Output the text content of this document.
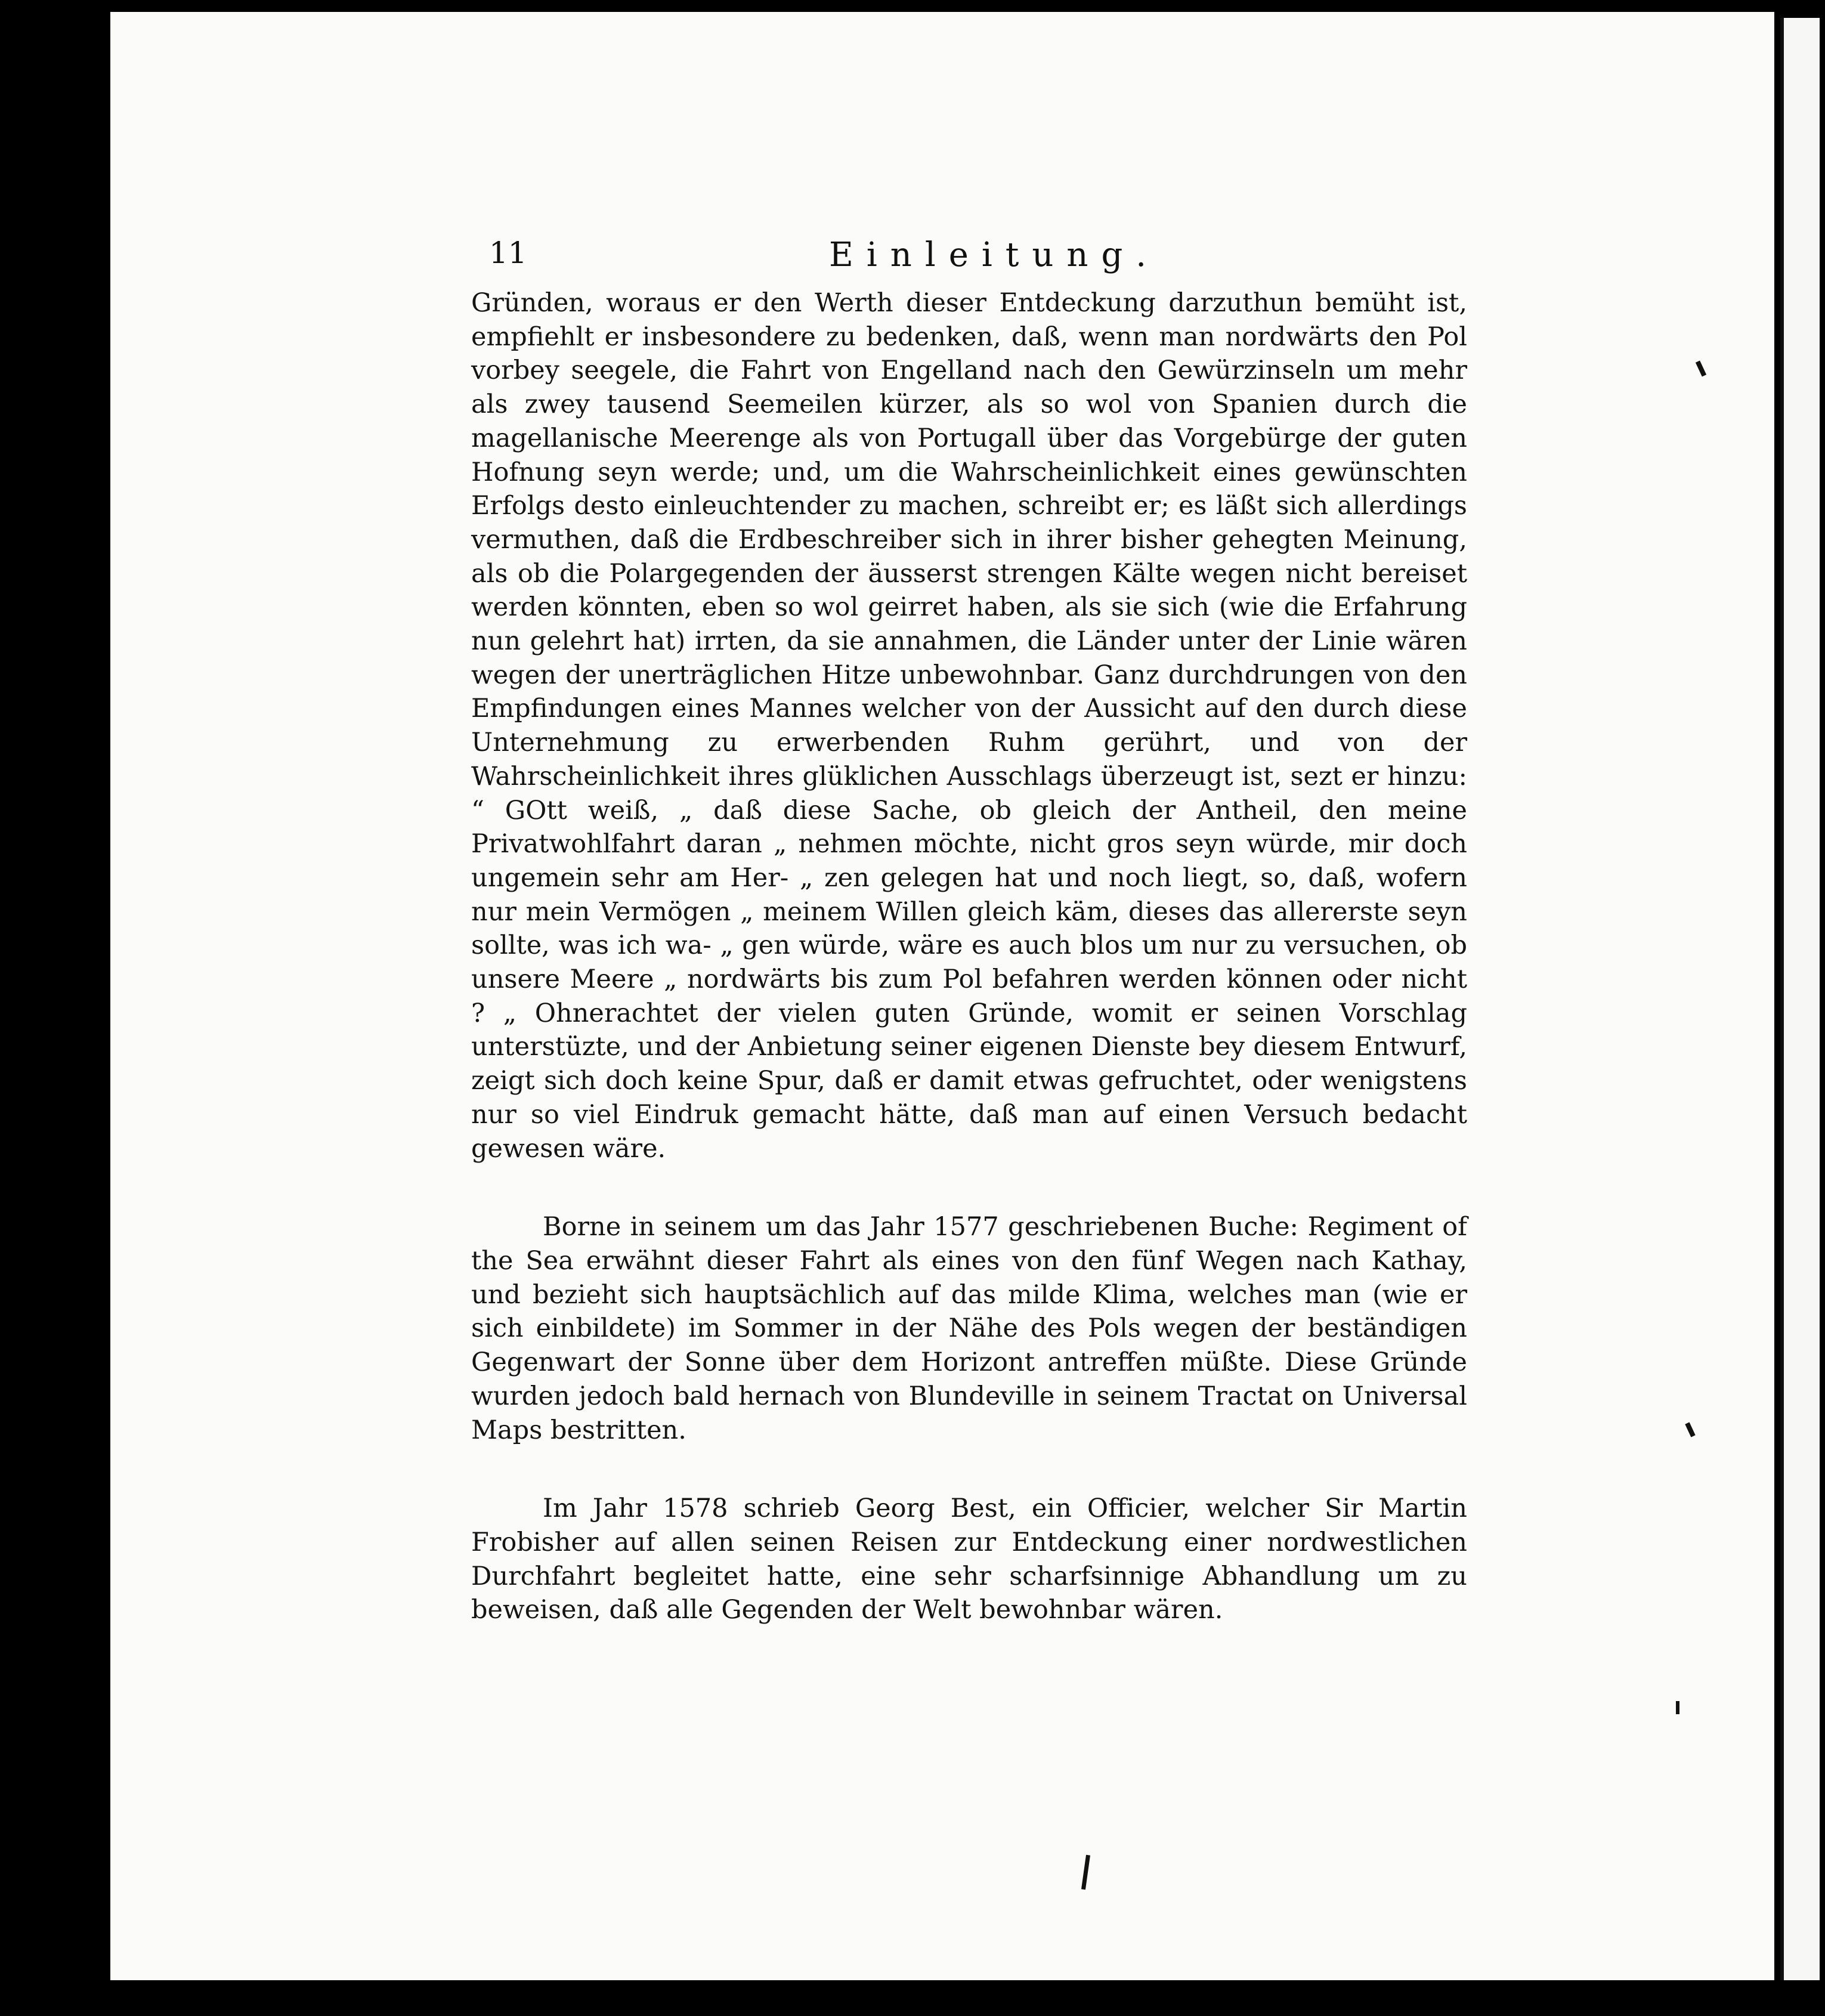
11	Einleitung.

Gründen, woraus er den Werth dieser Entdeckung darzuthun bemüht ist, empfiehlt er insbesondere zu bedenken, daß, wenn man nordwärts den Pol vorbey seegele, die Fahrt von Engelland nach den Gewürzinseln um mehr als zwey tausend Seemeilen kürzer, als so wol von Spanien durch die magellanische Meerenge als von Portugall über das Vorgebürge der guten Hofnung seyn werde; und, um die Wahrscheinlichkeit eines gewünschten Erfolgs desto einleuchtender zu machen, schreibt er; es läßt sich allerdings vermuthen, daß die Erdbeschreiber sich in ihrer bisher gehegten Meinung, als ob die Polargegenden der äusserst strengen Kälte wegen nicht bereiset werden könnten, eben so wol geirret haben, als sie sich (wie die Erfahrung nun gelehrt hat) irrten, da sie annahmen, die Länder unter der Linie wären wegen der unerträglichen Hitze unbewohnbar. Ganz durchdrungen von den Empfindungen eines Mannes welcher von der Aussicht auf den durch diese Unternehmung zu erwerbenden Ruhm gerührt, und von der Wahrscheinlichkeit ihres glüklichen Ausschlags überzeugt ist, sezt er hinzu: “ GOtt weiß, „ daß diese Sache, ob gleich der Antheil, den meine Privatwohlfahrt daran „ nehmen möchte, nicht gros seyn würde, mir doch ungemein sehr am Her- „ zen gelegen hat und noch liegt, so, daß, wofern nur mein Vermögen „ meinem Willen gleich käm, dieses das allererste seyn sollte, was ich wa- „ gen würde, wäre es auch blos um nur zu versuchen, ob unsere Meere „ nordwärts bis zum Pol befahren werden können oder nicht ? „ Ohnerachtet der vielen guten Gründe, womit er seinen Vorschlag unterstüzte, und der Anbietung seiner eigenen Dienste bey diesem Entwurf, zeigt sich doch keine Spur, daß er damit etwas gefruchtet, oder wenigstens nur so viel Eindruk gemacht hätte, daß man auf einen Versuch bedacht gewesen wäre.

Borne in seinem um das Jahr 1577 geschriebenen Buche: Regiment of the Sea erwähnt dieser Fahrt als eines von den fünf Wegen nach Kathay, und bezieht sich hauptsächlich auf das milde Klima, welches man (wie er sich einbildete) im Sommer in der Nähe des Pols wegen der beständigen Gegenwart der Sonne über dem Horizont antreffen müßte. Diese Gründe wurden jedoch bald hernach von Blundeville in seinem Tractat on Universal Maps bestritten.

Im Jahr 1578 schrieb Georg Best, ein Officier, welcher Sir Martin Frobisher auf allen seinen Reisen zur Entdeckung einer nordwestlichen Durchfahrt begleitet hatte, eine sehr scharfsinnige Abhandlung um zu beweisen, daß alle Gegenden der Welt bewohnbar wären.
